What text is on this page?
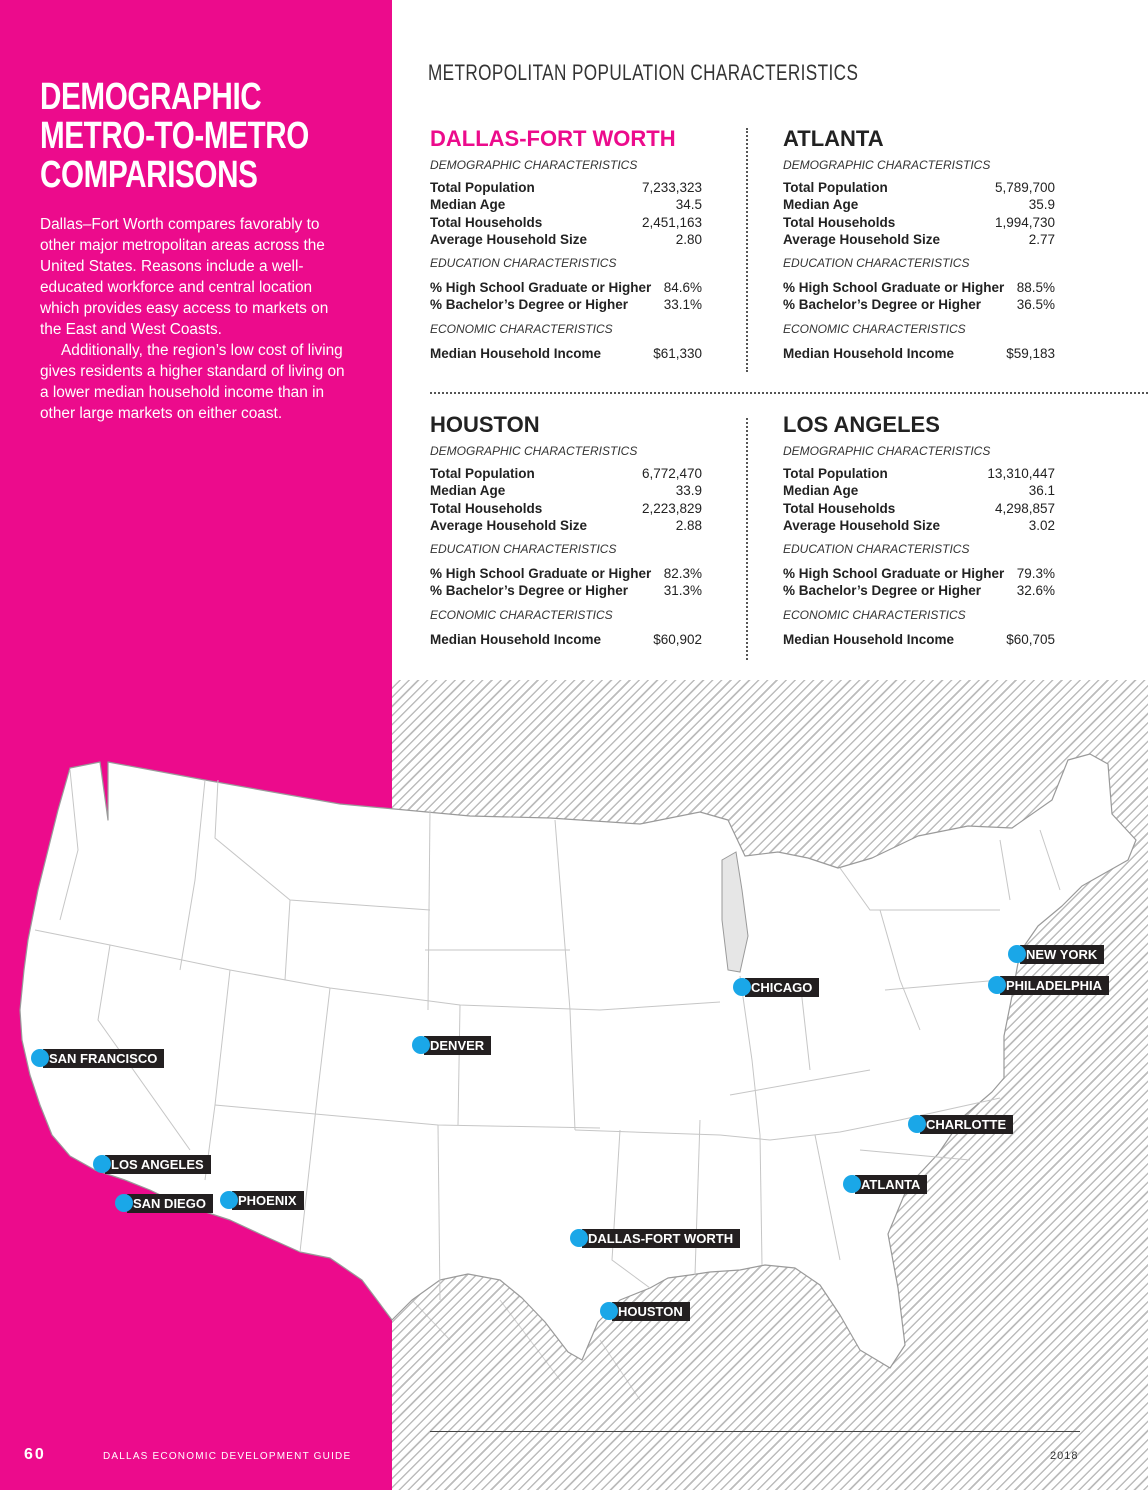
DEMOGRAPHIC
METRO-TO-METRO
COMPARISONS

Dallas–Fort Worth compares favorably to other major metropolitan areas across the United States. Reasons include a well-educated workforce and central location which provides easy access to markets on the East and West Coasts.

Additionally, the region’s low cost of living gives residents a higher standard of living on a lower median household income than in other large markets on either coast.

METROPOLITAN POPULATION CHARACTERISTICS
DALLAS-FORT WORTH
DEMOGRAPHIC CHARACTERISTICS
Total Population	7,233,323
Median Age	34.5
Total Households	2,451,163
Average Household Size	2.80
EDUCATION CHARACTERISTICS
% High School Graduate or Higher 84.6%
% Bachelor’s Degree or Higher	33.1%
ECONOMIC CHARACTERISTICS
Median Household Income	$61,330
ATLANTA
DEMOGRAPHIC CHARACTERISTICS
Total Population	5,789,700
Median Age	35.9
Total Households	1,994,730
Average Household Size	2.77
EDUCATION CHARACTERISTICS
% High School Graduate or Higher 88.5%
% Bachelor’s Degree or Higher	36.5%
ECONOMIC CHARACTERISTICS
Median Household Income	$59,183
HOUSTON
DEMOGRAPHIC CHARACTERISTICS
Total Population	6,772,470
Median Age	33.9
Total Households	2,223,829
Average Household Size	2.88
EDUCATION CHARACTERISTICS
% High School Graduate or Higher 82.3%
% Bachelor’s Degree or Higher	31.3%
ECONOMIC CHARACTERISTICS
Median Household Income	$60,902
LOS ANGELES
DEMOGRAPHIC CHARACTERISTICS
Total Population	13,310,447
Median Age	36.1
Total Households	4,298,857
Average Household Size	3.02
EDUCATION CHARACTERISTICS
% High School Graduate or Higher 79.3%
% Bachelor’s Degree or Higher	32.6%
ECONOMIC CHARACTERISTICS
Median Household Income	$60,705
SAN FRANCISCO
LOS ANGELES
SAN DIEGO	PHOENIX
DENVER
DALLAS-FORT WORTH
HOUSTON
CHICAGO
ATLANTA
CHARLOTTE
NEW YORK
PHILADELPHIA
60	DALLAS ECONOMIC DEVELOPMENT GUIDE	2018
